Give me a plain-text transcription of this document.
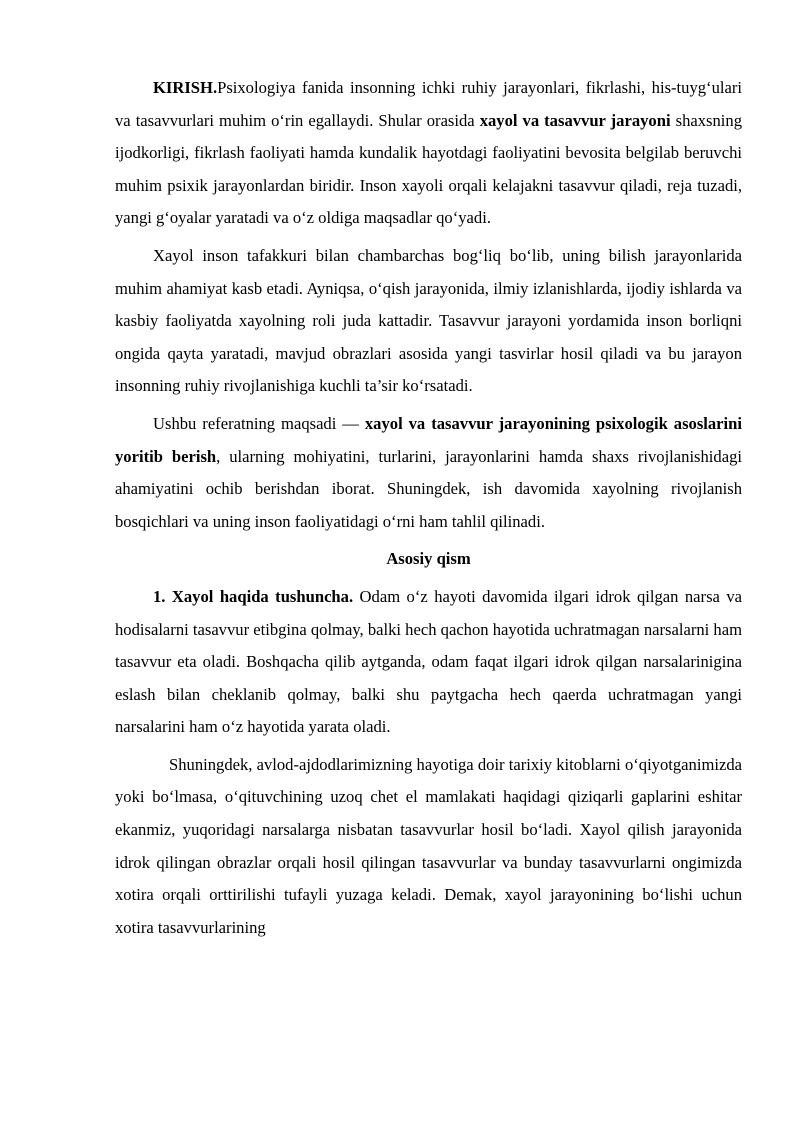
KIRISH.Psixologiya fanida insonning ichki ruhiy jarayonlari, fikrlashi, his-tuyg‘ulari va tasavvurlari muhim o‘rin egallaydi. Shular orasida xayol va tasavvur jarayoni shaxsning ijodkorligi, fikrlash faoliyati hamda kundalik hayotdagi faoliyatini bevosita belgilab beruvchi muhim psixik jarayonlardan biridir. Inson xayoli orqali kelajakni tasavvur qiladi, reja tuzadi, yangi g‘oyalar yaratadi va o‘z oldiga maqsadlar qo‘yadi.

Xayol inson tafakkuri bilan chambarchas bog‘liq bo‘lib, uning bilish jarayonlarida muhim ahamiyat kasb etadi. Ayniqsa, o‘qish jarayonida, ilmiy izlanishlarda, ijodiy ishlarda va kasbiy faoliyatda xayolning roli juda kattadir. Tasavvur jarayoni yordamida inson borliqni ongida qayta yaratadi, mavjud obrazlari asosida yangi tasvirlar hosil qiladi va bu jarayon insonning ruhiy rivojlanishiga kuchli ta’sir ko‘rsatadi.

Ushbu referatning maqsadi — xayol va tasavvur jarayonining psixologik asoslarini yoritib berish, ularning mohiyatini, turlarini, jarayonlarini hamda shaxs rivojlanishidagi ahamiyatini ochib berishdan iborat. Shuningdek, ish davomida xayolning rivojlanish bosqichlari va uning inson faoliyatidagi o‘rni ham tahlil qilinadi.

Asosiy qism

1. Xayol haqida tushuncha. Odam o‘z hayoti davomida ilgari idrok qilgan narsa va hodisalarni tasavvur etibgina qolmay, balki hech qachon hayotida uchratmagan narsalarni ham tasavvur eta oladi. Boshqacha qilib aytganda, odam faqat ilgari idrok qilgan narsalarinigina eslash bilan cheklanib qolmay, balki shu paytgacha hech qaerda uchratmagan yangi narsalarini ham o‘z hayotida yarata oladi.

Shuningdek, avlod-ajdodlarimizning hayotiga doir tarixiy kitoblarni o‘qiyotganimizda yoki bo‘lmasa, o‘qituvchining uzoq chet el mamlakati haqidagi qiziqarli gaplarini eshitar ekanmiz, yuqoridagi narsalarga nisbatan tasavvurlar hosil bo‘ladi. Xayol qilish jarayonida idrok qilingan obrazlar orqali hosil qilingan tasavvurlar va bunday tasavvurlarni ongimizda xotira orqali orttirilishi tufayli yuzaga keladi. Demak, xayol jarayonining bo‘lishi uchun xotira tasavvurlarining
